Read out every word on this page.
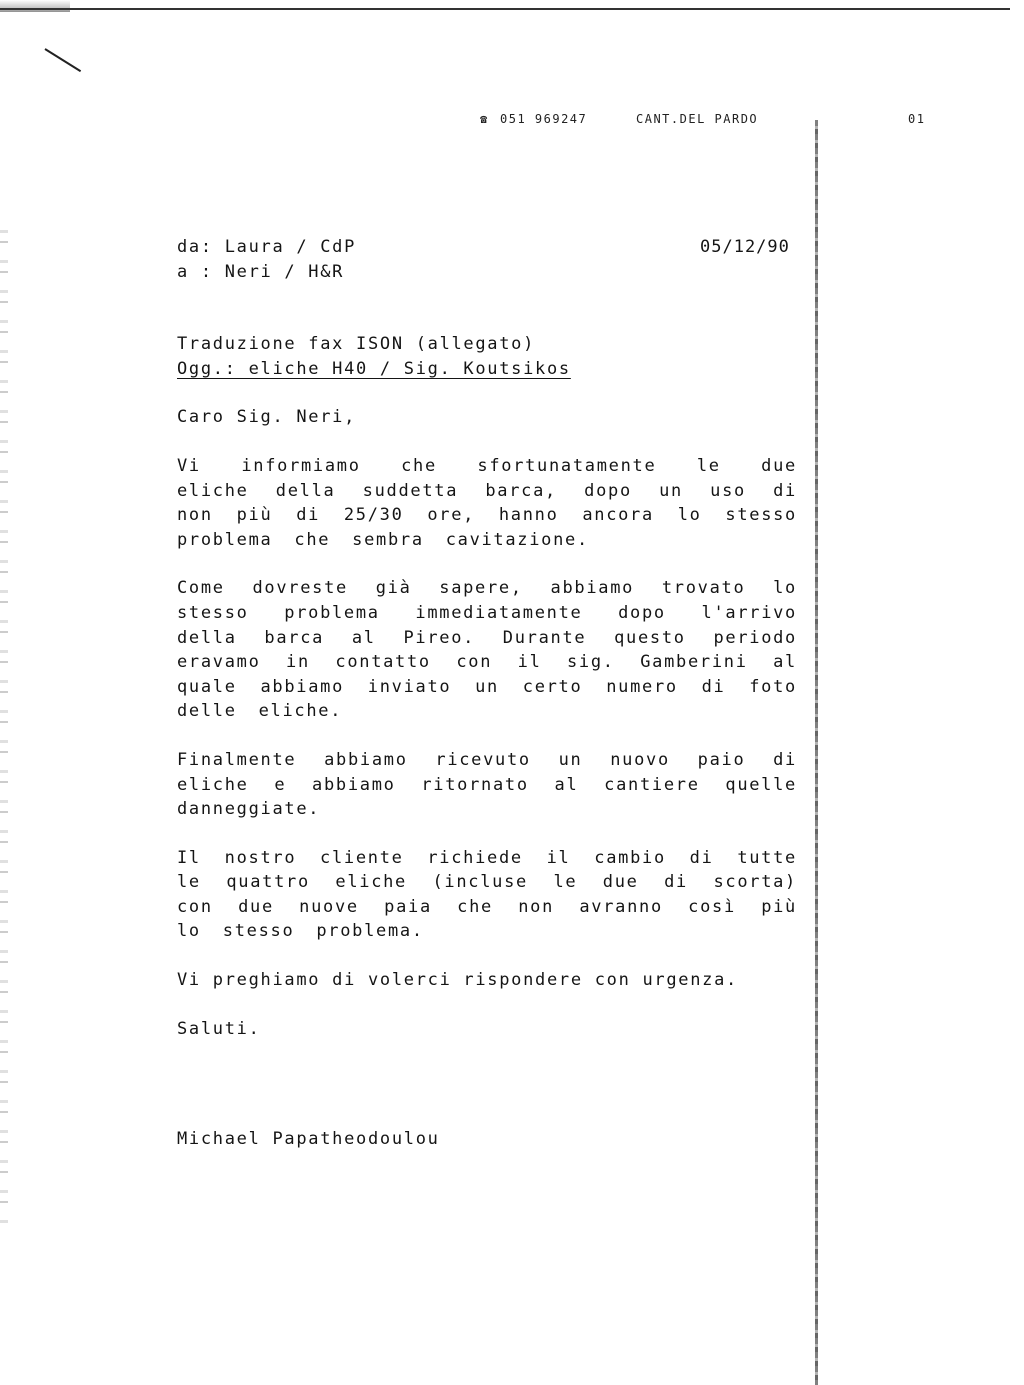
☎ 051 969247	CANT.DEL PARDO	01
da: Laura / CdP
a : Neri / H&R
05/12/90
Traduzione fax ISON (allegato)
Ogg.: eliche H40 / Sig. Koutsikos
Caro Sig. Neri,
Vi informiamo che sfortunatamente le due eliche della suddetta barca, dopo un uso di non più di 25/30 ore, hanno ancora lo stesso problema che sembra cavitazione.
Come dovreste già sapere, abbiamo trovato lo stesso problema immediatamente dopo l'arrivo della barca al Pireo. Durante questo periodo eravamo in contatto con il sig. Gamberini al quale abbiamo inviato un certo numero di foto delle eliche.
Finalmente abbiamo ricevuto un nuovo paio di eliche e abbiamo ritornato al cantiere quelle danneggiate.
Il nostro cliente richiede il cambio di tutte le quattro eliche (incluse le due di scorta) con due nuove paia che non avranno così più lo stesso problema.
Vi preghiamo di volerci rispondere con urgenza.
Saluti.
Michael Papatheodoulou
